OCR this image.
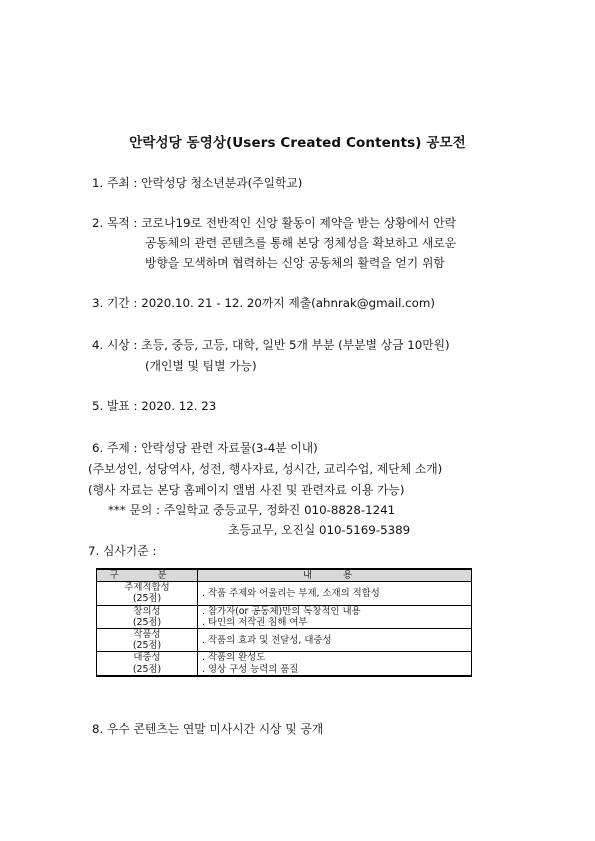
안락성당 동영상(Users Created Contents) 공모전
1. 주최 : 안락성당 청소년분과(주일학교)
2. 목적 : 코로나19로 전반적인 신앙 활동이 제약을 받는 상황에서 안락
공동체의 관련 콘텐츠를 통해 본당 정체성을 확보하고 새로운
방향을 모색하며 협력하는 신앙 공동체의 활력을 얻기 위함
3. 기간 : 2020.10. 21 - 12. 20까지 제출(ahnrak@gmail.com)
4. 시상 : 초등, 중등, 고등, 대학, 일반 5개 부분 (부분별 상금 10만원)
(개인별 및 팀별 가능)
5. 발표 : 2020. 12. 23
6. 주제 : 안락성당 관련 자료물(3-4분 이내)
(주보성인, 성당역사, 성전, 행사자료, 성시간, 교리수업, 제단체 소개)
(행사 자료는 본당 홈페이지 앨범 사진 및 관련자료 이용 가능)
*** 문의 : 주일학교 중등교무, 정화진 010-8828-1241
초등교무, 오진실 010-5169-5389
7. 심사기준 :
구 분	내 용

주제적합성
(25점)	. 작품 주제와 어울리는 부제, 소재의 적합성

창의성
(25점)	. 참가자(or 공동체)만의 독창적인 내용
. 타인의 저작권 침해 여부

작품성
(25점)	. 작품의 효과 및 전달성, 대중성

대중성
(25점)	. 작품의 완성도
. 영상 구성 능력의 품질
8. 우수 콘텐츠는 연말 미사시간 시상 및 공개
